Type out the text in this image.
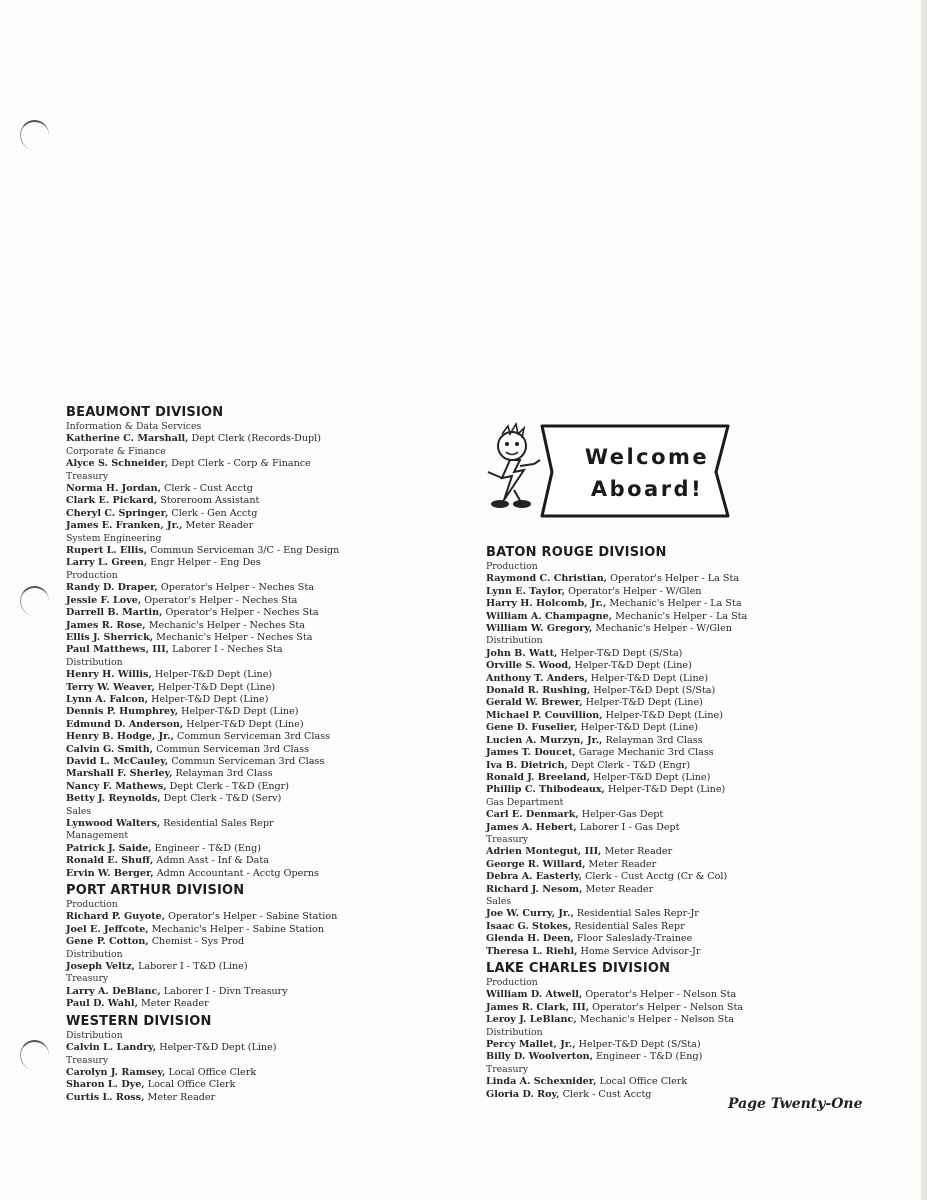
BEAUMONT DIVISION
Information & Data Services
Katherine C. Marshall, Dept Clerk (Records-Dupl)
Corporate & Finance
Alyce S. Schneider, Dept Clerk - Corp & Finance
Treasury
Norma H. Jordan, Clerk - Cust Acctg
Clark E. Pickard, Storeroom Assistant
Cheryl C. Springer, Clerk - Gen Acctg
James E. Franken, Jr., Meter Reader
System Engineering
Rupert L. Ellis, Commun Serviceman 3/C - Eng Design
Larry L. Green, Engr Helper - Eng Des
Production
Randy D. Draper, Operator's Helper - Neches Sta
Jessie F. Love, Operator's Helper - Neches Sta
Darrell B. Martin, Operator's Helper - Neches Sta
James R. Rose, Mechanic's Helper - Neches Sta
Ellis J. Sherrick, Mechanic's Helper - Neches Sta
Paul Matthews, III, Laborer I - Neches Sta
Distribution
Henry H. Willis, Helper-T&D Dept (Line)
Terry W. Weaver, Helper-T&D Dept (Line)
Lynn A. Falcon, Helper-T&D Dept (Line)
Dennis P. Humphrey, Helper-T&D Dept (Line)
Edmund D. Anderson, Helper-T&D Dept (Line)
Henry B. Hodge, Jr., Commun Serviceman 3rd Class
Calvin G. Smith, Commun Serviceman 3rd Class
David L. McCauley, Commun Serviceman 3rd Class
Marshall F. Sherley, Relayman 3rd Class
Nancy F. Mathews, Dept Clerk - T&D (Engr)
Betty J. Reynolds, Dept Clerk - T&D (Serv)
Sales
Lynwood Walters, Residential Sales Repr
Management
Patrick J. Saide, Engineer - T&D (Eng)
Ronald E. Shuff, Admn Asst - Inf & Data
Ervin W. Berger, Admn Accountant - Acctg Operns
PORT ARTHUR DIVISION
Production
Richard P. Guyote, Operator's Helper - Sabine Station
Joel E. Jeffcote, Mechanic's Helper - Sabine Station
Gene P. Cotton, Chemist - Sys Prod
Distribution
Joseph Veltz, Laborer I - T&D (Line)
Treasury
Larry A. DeBlanc, Laborer I - Divn Treasury
Paul D. Wahl, Meter Reader
WESTERN DIVISION
Distribution
Calvin L. Landry, Helper-T&D Dept (Line)
Treasury
Carolyn J. Ramsey, Local Office Clerk
Sharon L. Dye, Local Office Clerk
Curtis L. Ross, Meter Reader
Welcome
Aboard!
BATON ROUGE DIVISION
Production
Raymond C. Christian, Operator's Helper - La Sta
Lynn E. Taylor, Operator's Helper - W/Glen
Harry H. Holcomb, Jr., Mechanic's Helper - La Sta
William A. Champagne, Mechanic's Helper - La Sta
William W. Gregory, Mechanic's Helper - W/Glen
Distribution
John B. Watt, Helper-T&D Dept (S/Sta)
Orville S. Wood, Helper-T&D Dept (Line)
Anthony T. Anders, Helper-T&D Dept (Line)
Donald R. Rushing, Helper-T&D Dept (S/Sta)
Gerald W. Brewer, Helper-T&D Dept (Line)
Michael P. Couvillion, Helper-T&D Dept (Line)
Gene D. Fuselier, Helper-T&D Dept (Line)
Lucien A. Murzyn, Jr., Relayman 3rd Class
James T. Doucet, Garage Mechanic 3rd Class
Iva B. Dietrich, Dept Clerk - T&D (Engr)
Ronald J. Breeland, Helper-T&D Dept (Line)
Phillip C. Thibodeaux, Helper-T&D Dept (Line)
Gas Department
Carl E. Denmark, Helper-Gas Dept
James A. Hebert, Laborer I - Gas Dept
Treasury
Adrien Montegut, III, Meter Reader
George R. Willard, Meter Reader
Debra A. Easterly, Clerk - Cust Acctg (Cr & Col)
Richard J. Nesom, Meter Reader
Sales
Joe W. Curry, Jr., Residential Sales Repr-Jr
Isaac G. Stokes, Residential Sales Repr
Glenda H. Deen, Floor Saleslady-Trainee
Theresa L. Riehl, Home Service Advisor-Jr
LAKE CHARLES DIVISION
Production
William D. Atwell, Operator's Helper - Nelson Sta
James R. Clark, III, Operator's Helper - Nelson Sta
Leroy J. LeBlanc, Mechanic's Helper - Nelson Sta
Distribution
Percy Mallet, Jr., Helper-T&D Dept (S/Sta)
Billy D. Woolverton, Engineer - T&D (Eng)
Treasury
Linda A. Schexnider, Local Office Clerk
Gloria D. Roy, Clerk - Cust Acctg
Page Twenty-One
